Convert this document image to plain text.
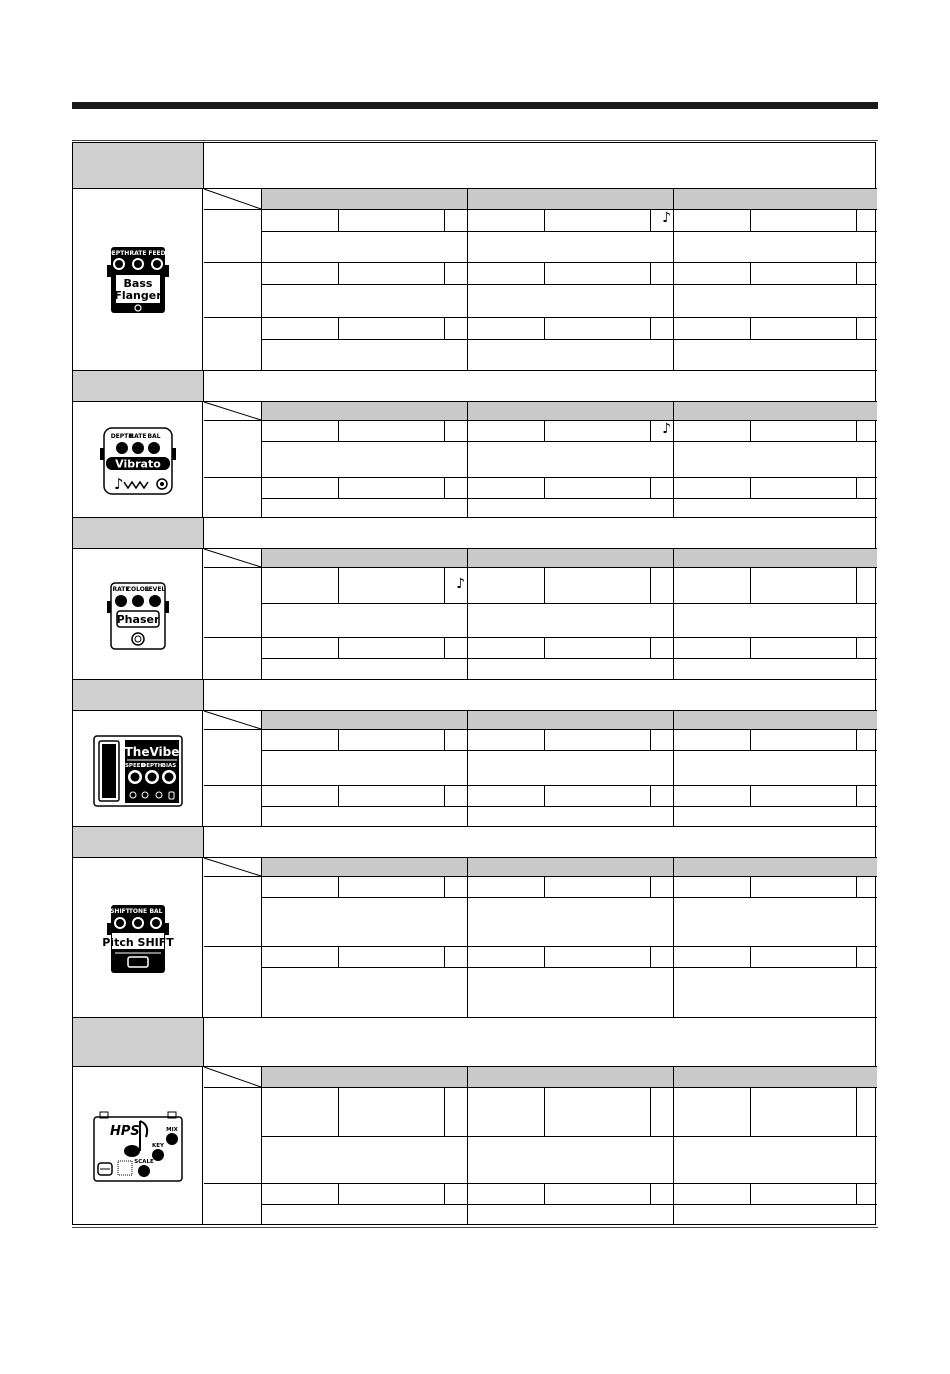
DEPTH RATE FEED
Bass
Flanger
♪
DEPTH
RATE BAL
Vibrato
♪
♪
RATE
COLOR
LEVEL
Phaser
♪
TheVibe
SPEED
DEPTH BIAS
SHIFT
TONE BAL
Pitch SHIFT
HPS	MIX
KEY
SCALE
